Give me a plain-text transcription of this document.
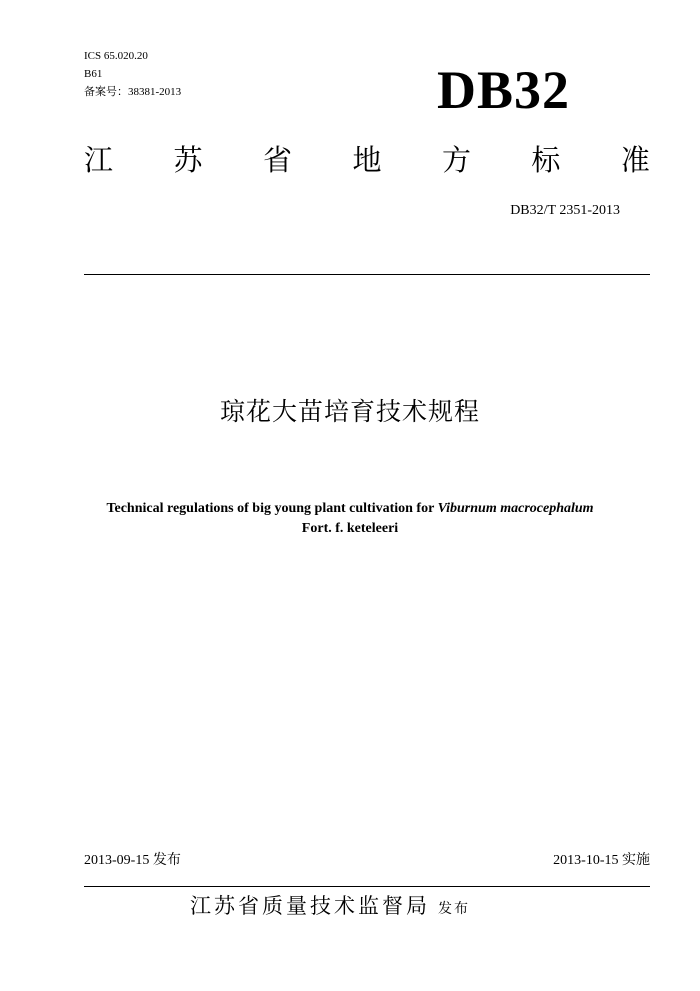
ICS 65.020.20
B61
备案号：38381-2013	DB32
江 苏 省 地 方 标 准
DB32/T 2351-2013
琼花大苗培育技术规程
Technical regulations of big young plant cultivation for Viburnum macrocephalum
Fort. f. keteleeri
2013-09-15 发布	2013-10-15 实施
江苏省质量技术监督局 发布
